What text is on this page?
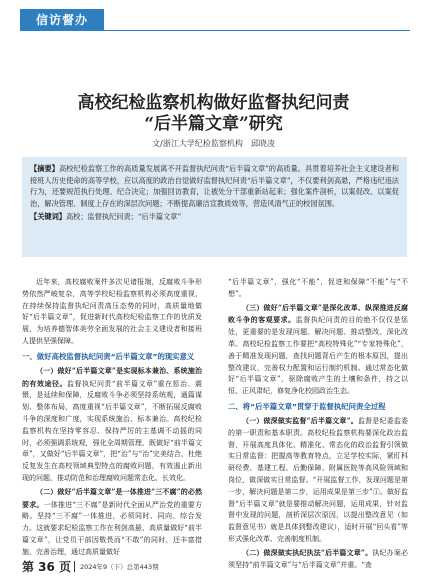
信访督办
高校纪检监察机构做好监督执纪问责
“后半篇文章”研究
文/浙江大学纪检监察机构　邱晓凌

【摘要】高校纪检监察工作的高质量发展离不开监督执纪问责“后半篇文章”的高质量。具贯着培养社会主义建设者和接班人历史使命的高等学校，应以高度的政治自觉做好监督执纪问责“后半篇文章”，不仅要利剑高悬，严格违纪违法行为，还要规范执行处理、纪合决定；加强回访教育，让被处分干部重新站起来；强化案件剖析，以案促改、以案促治，解决管理、制度上存在的深层次问题；不断提高廉洁宣教质效等，营造风清气正的校园氛围。

【关键词】高校；监督执纪问责；“后半篇文章”

近年来，高校腐败案件多次见诸报端，反腐败斗争形势依然严峻复杂，高等学校纪检监察机构必须高度重视，在持续保持监督执纪问责高压态势的同时，高质量地做好“后半篇文章”，促进新时代高校纪检监察工作的优质发展，为培养德智体美劳全面发展的社会主义建设者和接班人提供坚强保障。

一、做好高校监督执纪问责“后半篇文章”的现实意义

（一）做好“后半篇文章”是实现标本兼治、系统施治的有效途径。监督执纪问责“前半篇文章”重在惩治、震慑，是延续和保障，反腐败斗争必须坚持系统观，通篇谋划、整体布局，高度重视“后半篇文章”，不断拓展反腐败斗争的深度和广度，实现系统施治、标本兼治。高校纪检监察机构在坚持零容忍、保持严厉的主基调不动摇的同时，必须强调系统观，强化全周期管理，既做好“前半篇文章”，又做好“后半篇文章”，把“治”与“治”完美结合，杜绝反复发生在高校领域典型特点的腐败问题，有效遏止新出现的问题，推动防范和治理腐败问题常态化、长效化。

（二）做好“后半篇文章”是一体推进“三不腐”的必然要求。一体推进“三不腐”是新时代全面从严治党的重要方略。坚持“三不腐”一体推进，必须同时、同向、综合发力。这就要求纪检监察工作在利剑高悬、高质量做好“前半篇文章”，让党员干部因敬畏而“不敢”的同时，还丰富措施、完善治理，通过高质量做好

“后半篇文章”，强化“不能”，促进和保障“不能”与“不想”。

（三）做好“后半篇文章”是深化改革、纵深推进反腐败斗争的客观要求。监督执纪问责的目的绝不仅仅是惩处，更重要的是发现问题、解决问题、推动整改、深化改革。高校纪检监察工作要把“高校特殊化”“专家特殊化”，善于精准发现问题，查找问题背后产生的根本原因，提出整改建议，完善权力配置和运行制约机制。通过常态化做好“后半篇文章”，驱除腐败产生的土壤和条件，持之以恒、正风肃纪，修复净化校园政治生态。

二、将“后半篇文章”贯穿于监督执纪问责全过程

（一）做深做实监督“后半篇文章”。监督是纪委监委的第一职责和基本职责。高校纪检监察机构要深化政治监督，开展高度具体化、精准化、常态化的政治监督引领做实日常监督：把握高等教育特点，立足学校实际，紧盯科研经费、基建工程、后勤保障、附属医院等高风险领域和岗位，做深做实日常监督。“开展监督工作，发现问题是第一步，解决问题是第二步，运用成果是第三步”①。做好监督“后半篇文章”就是要推动解决问题，运用成果，针对监督中发现的问题，剖析深层次原因，以提出整改意见（如监督意见书）就是具体到整改建议），适时开展“回头看”等形式强化改革、完善制度机制。

（二）做深做实执纪执法“后半篇文章”。执纪办案必须坚持“前半篇文章”与“后半篇文章”并重。“查

第 36 页 2024年9（下）总第443期
